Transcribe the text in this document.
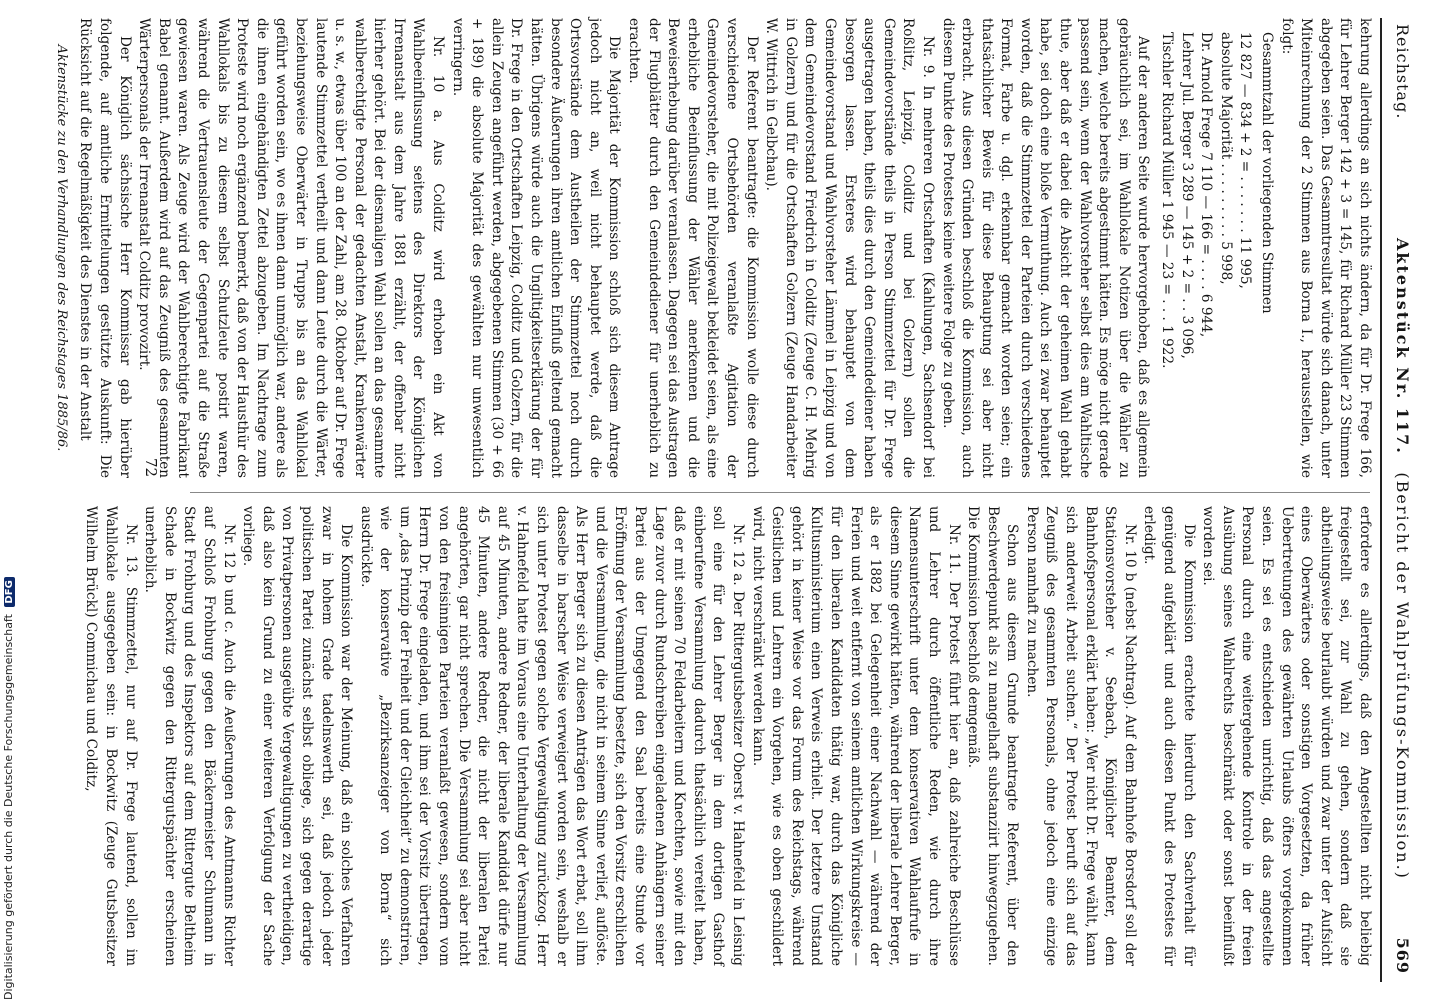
Reichstag.
Aktenstück Nr. 117. (Bericht der Wahlprüfungs-Kommission.)
569

kehrung allerdings an sich nichts ändern, da für Dr. Frege 166, für Lehrer Berger 142 + 3 = 145, für Richard Müller 23 Stimmen abgegeben seien. Das Gesammtresultat würde sich danach, unter Miteinrechnung der 2 Stimmen aus Borna I., herausstellen, wie folgt:

Gesammtzahl der vorliegenden Stimmen

12 827 — 834 + 2 = . . . . . . . 11 995,
absolute Majorität . . . . . . . . . 5 998,
Dr. Arnold Frege 7 110 — 166 = . . . . 6 944,
Lehrer Jul. Berger 3 289 — 145 + 2 = . . 3 096,
Tischler Richard Müller 1 945 — 23 = . . . 1 922.

Auf der anderen Seite wurde hervorgehoben, daß es allgemein gebräuchlich sei, im Wahllokale Notizen über die Wähler zu machen, welche bereits abgestimmt hätten. Es möge nicht gerade passend sein, wenn der Wahlvorsteher selbst dies am Wahltische thue, aber daß er dabei die Absicht der geheimen Wahl gehabt habe, sei doch eine bloße Vermuthung. Auch sei zwar behauptet worden, daß die Stimmzettel der Parteien durch verschiedenes Format, Farbe u. dgl. erkennbar gemacht worden seien; ein thatsächlicher Beweis für diese Behauptung sei aber nicht erbracht. Aus diesen Gründen beschloß die Kommission, auch diesem Punkte des Protestes keine weitere Folge zu geben.

Nr. 9. In mehreren Ortschaften (Kahlungen, Sachsendorf bei Roßlitz, Leipzig, Colditz und bei Golzern) sollen die Gemeindevorstände theils in Person Stimmzettel für Dr. Frege ausgetragen haben, theils dies durch den Gemeindediener haben besorgen lassen. Ersteres wird behauptet von dem Gemeindevorstand und Wahlvorsteher Lämmel in Leipzig und von dem Gemeindevorstand Friedrich in Colditz (Zeuge C. H. Mehrig in Golzern) und für die Ortschaften Golzern (Zeuge Handarbeiter W. Wittrich in Gelbchau).

Der Referent beantragte: die Kommission wolle diese durch verschiedene Ortsbehörden veranlaßte Agitation der Gemeindevorsteher, die mit Polizeigewalt bekleidet seien, als eine erhebliche Beeinflussung der Wähler anerkennen und die Beweiserhebung darüber veranlassen. Dagegen sei das Austragen der Flugblätter durch den Gemeindediener für unerheblich zu erachten.

Die Majorität der Kommission schloß sich diesem Antrage jedoch nicht an, weil nicht behauptet werde, daß die Ortsvorstände dem Austheilen der Stimmzettel noch durch besondere Äußerungen ihren amtlichen Einfluß geltend gemacht hätten. Übrigens würde auch die Ungiltigkeitserklärung der für Dr. Frege in den Ortschaften Leipzig, Colditz und Golzern, für die allein Zeugen angeführt werden, abgegebenen Stimmen (30 + 66 + 189) die absolute Majorität des gewählten nur unwesentlich verringern.

Nr. 10 a. Aus Colditz wird erhoben ein Akt von Wahlbeeinflussung seitens des Direktors der Königlichen Irrenanstalt aus dem Jahre 1881 erzählt, der offenbar nicht hierher gehört. Bei der diesmaligen Wahl sollen an das gesammte wahlberechtigte Personal der gedachten Anstalt, Krankenwärter u. s. w., etwas über 100 an der Zahl, am 28. Oktober auf Dr. Frege lautende Stimmzettel vertheilt und dann Leute durch die Wärter, beziehungsweise Oberwärter in Trupps bis an das Wahllokal geführt worden sein, wo es ihnen dann unmöglich war, andere als die ihnen eingehändigten Zettel abzugeben. Im Nachtrage zum Proteste wird noch ergänzend bemerkt, daß von der Hausthür des Wahllokals bis zu diesem selbst Schutzleute postirt waren, während die Vertrauensleute der Gegenpartei auf die Straße gewiesen waren. Als Zeuge wird der Wahlberechtigte Fabrikant Babel genannt. Außerdem wird auf das Zeugniß des gesammten Wärterpersonals der Irrenanstalt Colditz provozirt.

Der Königlich sächsische Herr Kommissar gab hierüber folgende, auf amtliche Ermittelungen gestützte Auskunft: Die Rücksicht auf die Regelmäßigkeit des Dienstes in der Anstalt

Aktenstücke zu den Verhandlungen des Reichstages 1885/86.

erfordere es allerdings, daß den Angestellten nicht beliebig freigestellt sei, zur Wahl zu gehen, sondern daß sie abtheilungsweise beurlaubt würden und zwar unter der Aufsicht eines Oberwärters oder sonstigen Vorgesetzten, da früher Uebertretungen des gewährten Urlaubs öfters vorgekommen seien. Es sei es entschieden unrichtig, daß das angestellte Personal durch eine weitergehende Kontrole in der freien Ausübung seines Wahlrechts beschränkt oder sonst beeinflußt worden sei.

Die Kommission erachtete hierdurch den Sachverhalt für genügend aufgeklärt und auch diesen Punkt des Protestes für erledigt.

Nr. 10 b (nebst Nachtrag). Auf dem Bahnhofe Borsdorf soll der Stationsvorsteher v. Seebach, Königlicher Beamter, dem Bahnhofspersonal erklärt haben: „Wer nicht Dr. Frege wählt, kann sich anderweit Arbeit suchen.“ Der Protest beruft sich auf das Zeugniß des gesammten Personals, ohne jedoch eine einzige Person namhaft zu machen.

Schon aus diesem Grunde beantragte Referent, über den Beschwerdepunkt als zu mangelhaft substanziirt hinwegzugehen. Die Kommission beschloß demgemäß.

Nr. 11. Der Protest führt hier an, daß zahlreiche Beschlüsse und Lehrer durch öffentliche Reden, wie durch ihre Namensunterschrift unter dem konservativen Wahlaufrufe in diesem Sinne gewirkt hätten, während der liberale Lehrer Berger, als er 1882 bei Gelegenheit einer Nachwahl — während der Ferien und weit entfernt von seinem amtlichen Wirkungskreise — für den liberalen Kandidaten thätig war, durch das Königliche Kultusministerium einen Verweis erhielt. Der letztere Umstand gehört in keiner Weise vor das Forum des Reichstags, während Geistlichen und Lehrern ein Vorgehen, wie es oben geschildert wird, nicht verschränkt werden kann.

Nr. 12 a. Der Rittergutsbesitzer Oberst v. Hahnefeld in Leisnig soll eine für den Lehrer Berger in dem dortigen Gasthof einberufene Versammlung dadurch thatsächlich vereitelt haben, daß er mit seinen 70 Feldarbeitern und Knechten, sowie mit den Lage zuvor durch Rundschreiben eingeladenen Anhängern seiner Partei aus der Umgegend den Saal bereits eine Stunde vor Eröffnung der Versammlung besetzte, sich den Vorsitz erschlichen und die Versammlung, die nicht in seinem Sinne verlief, auflöste. Als Herr Berger sich zu diesen Anträgen das Wort erbat, soll ihm dasselbe in barscher Weise verweigert worden sein, weshalb er sich unter Protest gegen solche Vergewaltigung zurückzog. Herr v. Hahnefeld hatte im Voraus eine Unterhaltung der Versammlung auf 45 Minuten, andere Redner, der liberale Kandidat dürfe nur 45 Minuten, andere Redner, die nicht der liberalen Partei angehörten, gar nicht sprechen. Die Versammlung sei aber nicht von den freisinnigen Parteien veranlaßt gewesen, sondern vom Herrn Dr. Frege eingeladen, und ihm sei der Vorsitz übertragen, um „das Prinzip der Freiheit und der Gleichheit“ zu demonstriren, wie der konservative „Bezirksanzeiger von Borna“ sich ausdrückte.

Die Kommission war der Meinung, daß ein solches Verfahren zwar in hohem Grade tadelnswerth sei, daß jedoch jeder politischen Partei zunächst selbst obliege, sich gegen derartige von Privatpersonen ausgeübte Vergewaltigungen zu vertheidigen, daß also kein Grund zu einer weiteren Verfolgung der Sache vorliege.

Nr. 12 b und c. Auch die Aeußerungen des Amtmanns Richter auf Schloß Frohburg gegen den Bäckermeister Schumann in Stadt Frohburg und des Inspektors auf dem Rittergute Beltheim Schade in Bockwitz gegen den Rittergutspächter erscheinen unerheblich.

Nr. 13. Stimmzettel, nur auf Dr. Frege lautend, sollen im Wahllokale ausgegeben sein: in Bockwitz (Zeuge Gutsbesitzer Wilhelm Brückl) Commichau und Colditz,

72
Digitalisierung gefördert durch die Deutsche Forschungsgemeinschaft DFG
